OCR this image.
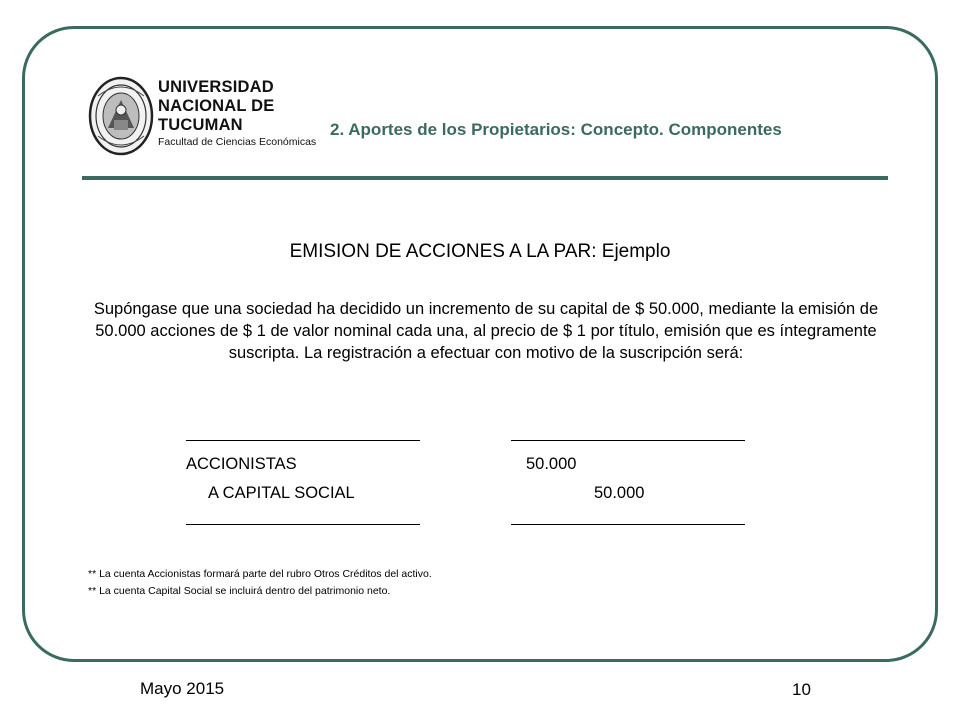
UNIVERSIDAD
NACIONAL DE
TUCUMAN
Facultad de Ciencias Económicas
2. Aportes de los Propietarios: Concepto. Componentes
EMISION DE ACCIONES A LA PAR: Ejemplo
Supóngase que una sociedad ha decidido un incremento de su capital de $ 50.000, mediante la emisión de 50.000 acciones de $ 1 de valor nominal cada una, al precio de $ 1 por título, emisión que es íntegramente suscripta. La registración a efectuar con motivo de la suscripción será:
ACCIONISTAS	50.000
A CAPITAL SOCIAL	50.000
** La cuenta Accionistas formará parte del rubro Otros Créditos del activo.
** La cuenta Capital Social se incluirá dentro del patrimonio neto.
Mayo 2015	10
